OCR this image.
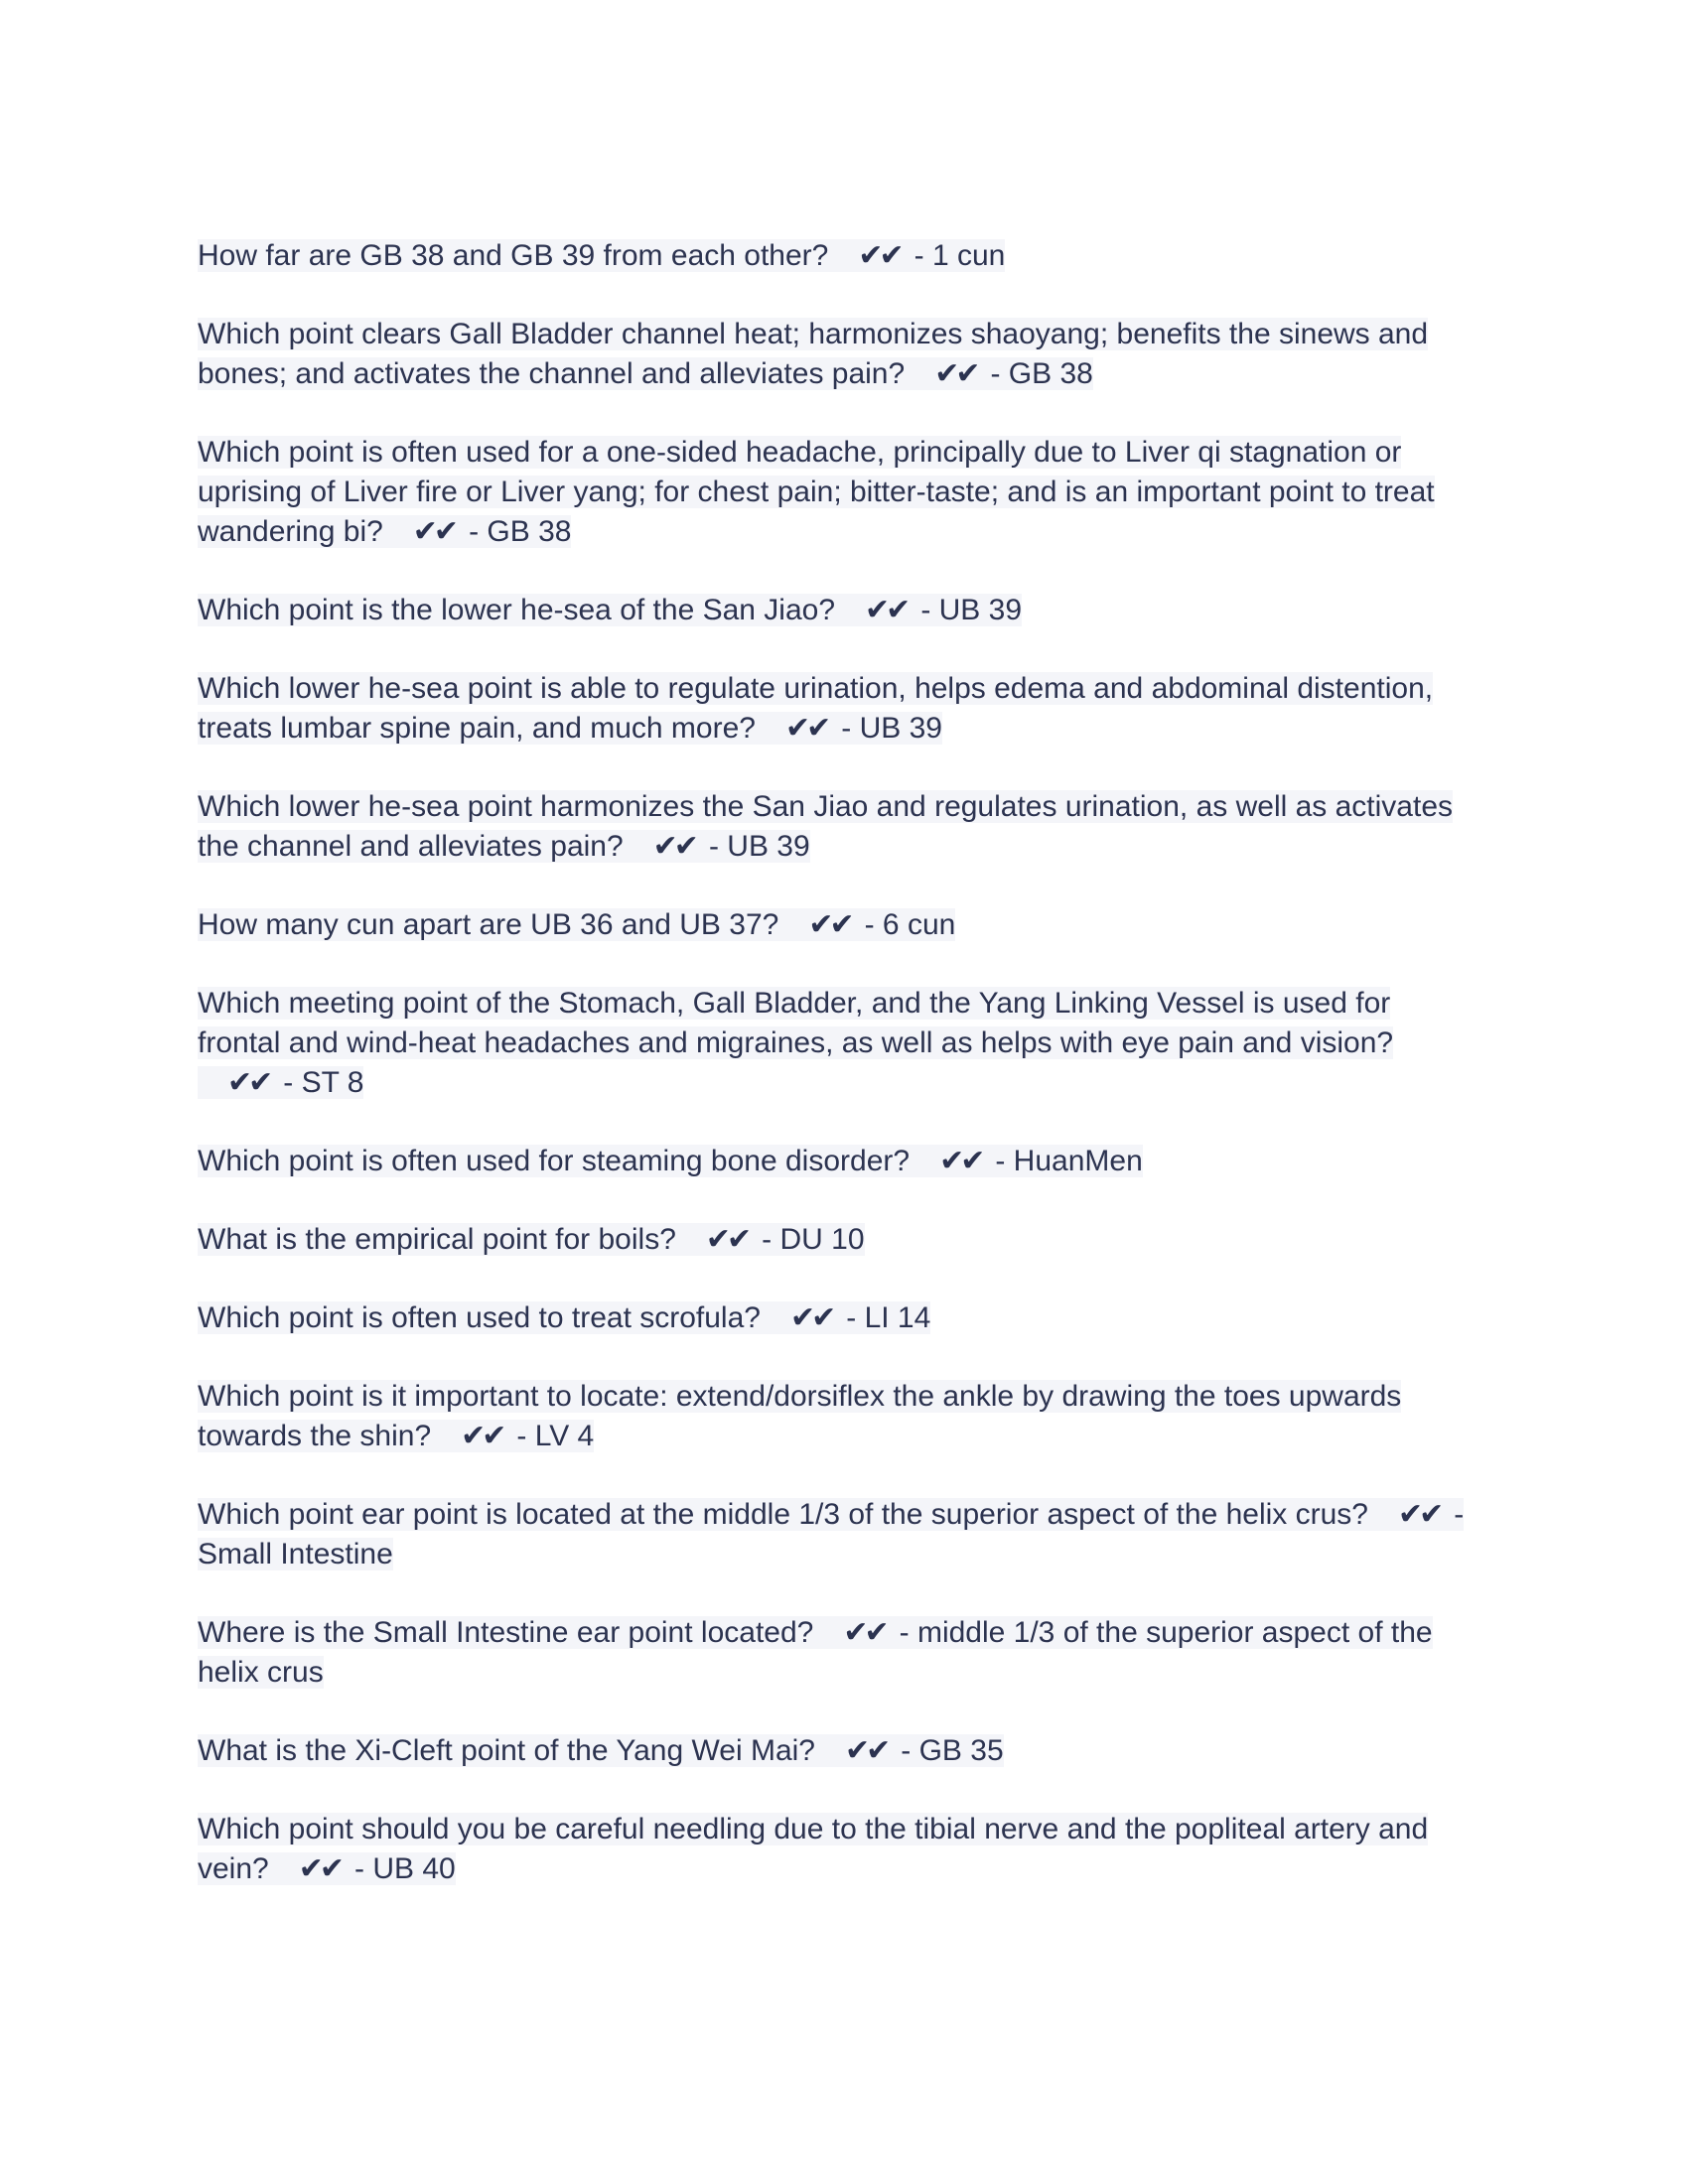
How far are GB 38 and GB 39 from each other? ✔✔ - 1 cun

Which point clears Gall Bladder channel heat; harmonizes shaoyang; benefits the sinews and bones; and activates the channel and alleviates pain? ✔✔ - GB 38

Which point is often used for a one-sided headache, principally due to Liver qi stagnation or uprising of Liver fire or Liver yang; for chest pain; bitter-taste; and is an important point to treat wandering bi? ✔✔ - GB 38

Which point is the lower he-sea of the San Jiao? ✔✔ - UB 39

Which lower he-sea point is able to regulate urination, helps edema and abdominal distention, treats lumbar spine pain, and much more? ✔✔ - UB 39

Which lower he-sea point harmonizes the San Jiao and regulates urination, as well as activates the channel and alleviates pain? ✔✔ - UB 39

How many cun apart are UB 36 and UB 37? ✔✔ - 6 cun

Which meeting point of the Stomach, Gall Bladder, and the Yang Linking Vessel is used for frontal and wind-heat headaches and migraines, as well as helps with eye pain and vision?✔✔ - ST 8

Which point is often used for steaming bone disorder? ✔✔ - HuanMen

What is the empirical point for boils? ✔✔ - DU 10

Which point is often used to treat scrofula? ✔✔ - LI 14

Which point is it important to locate: extend/dorsiflex the ankle by drawing the toes upwards towards the shin? ✔✔ - LV 4

Which point ear point is located at the middle 1/3 of the superior aspect of the helix crus? ✔✔ - Small Intestine

Where is the Small Intestine ear point located? ✔✔ - middle 1/3 of the superior aspect of the helix crus

What is the Xi-Cleft point of the Yang Wei Mai? ✔✔ - GB 35

Which point should you be careful needling due to the tibial nerve and the popliteal artery and vein? ✔✔ - UB 40
